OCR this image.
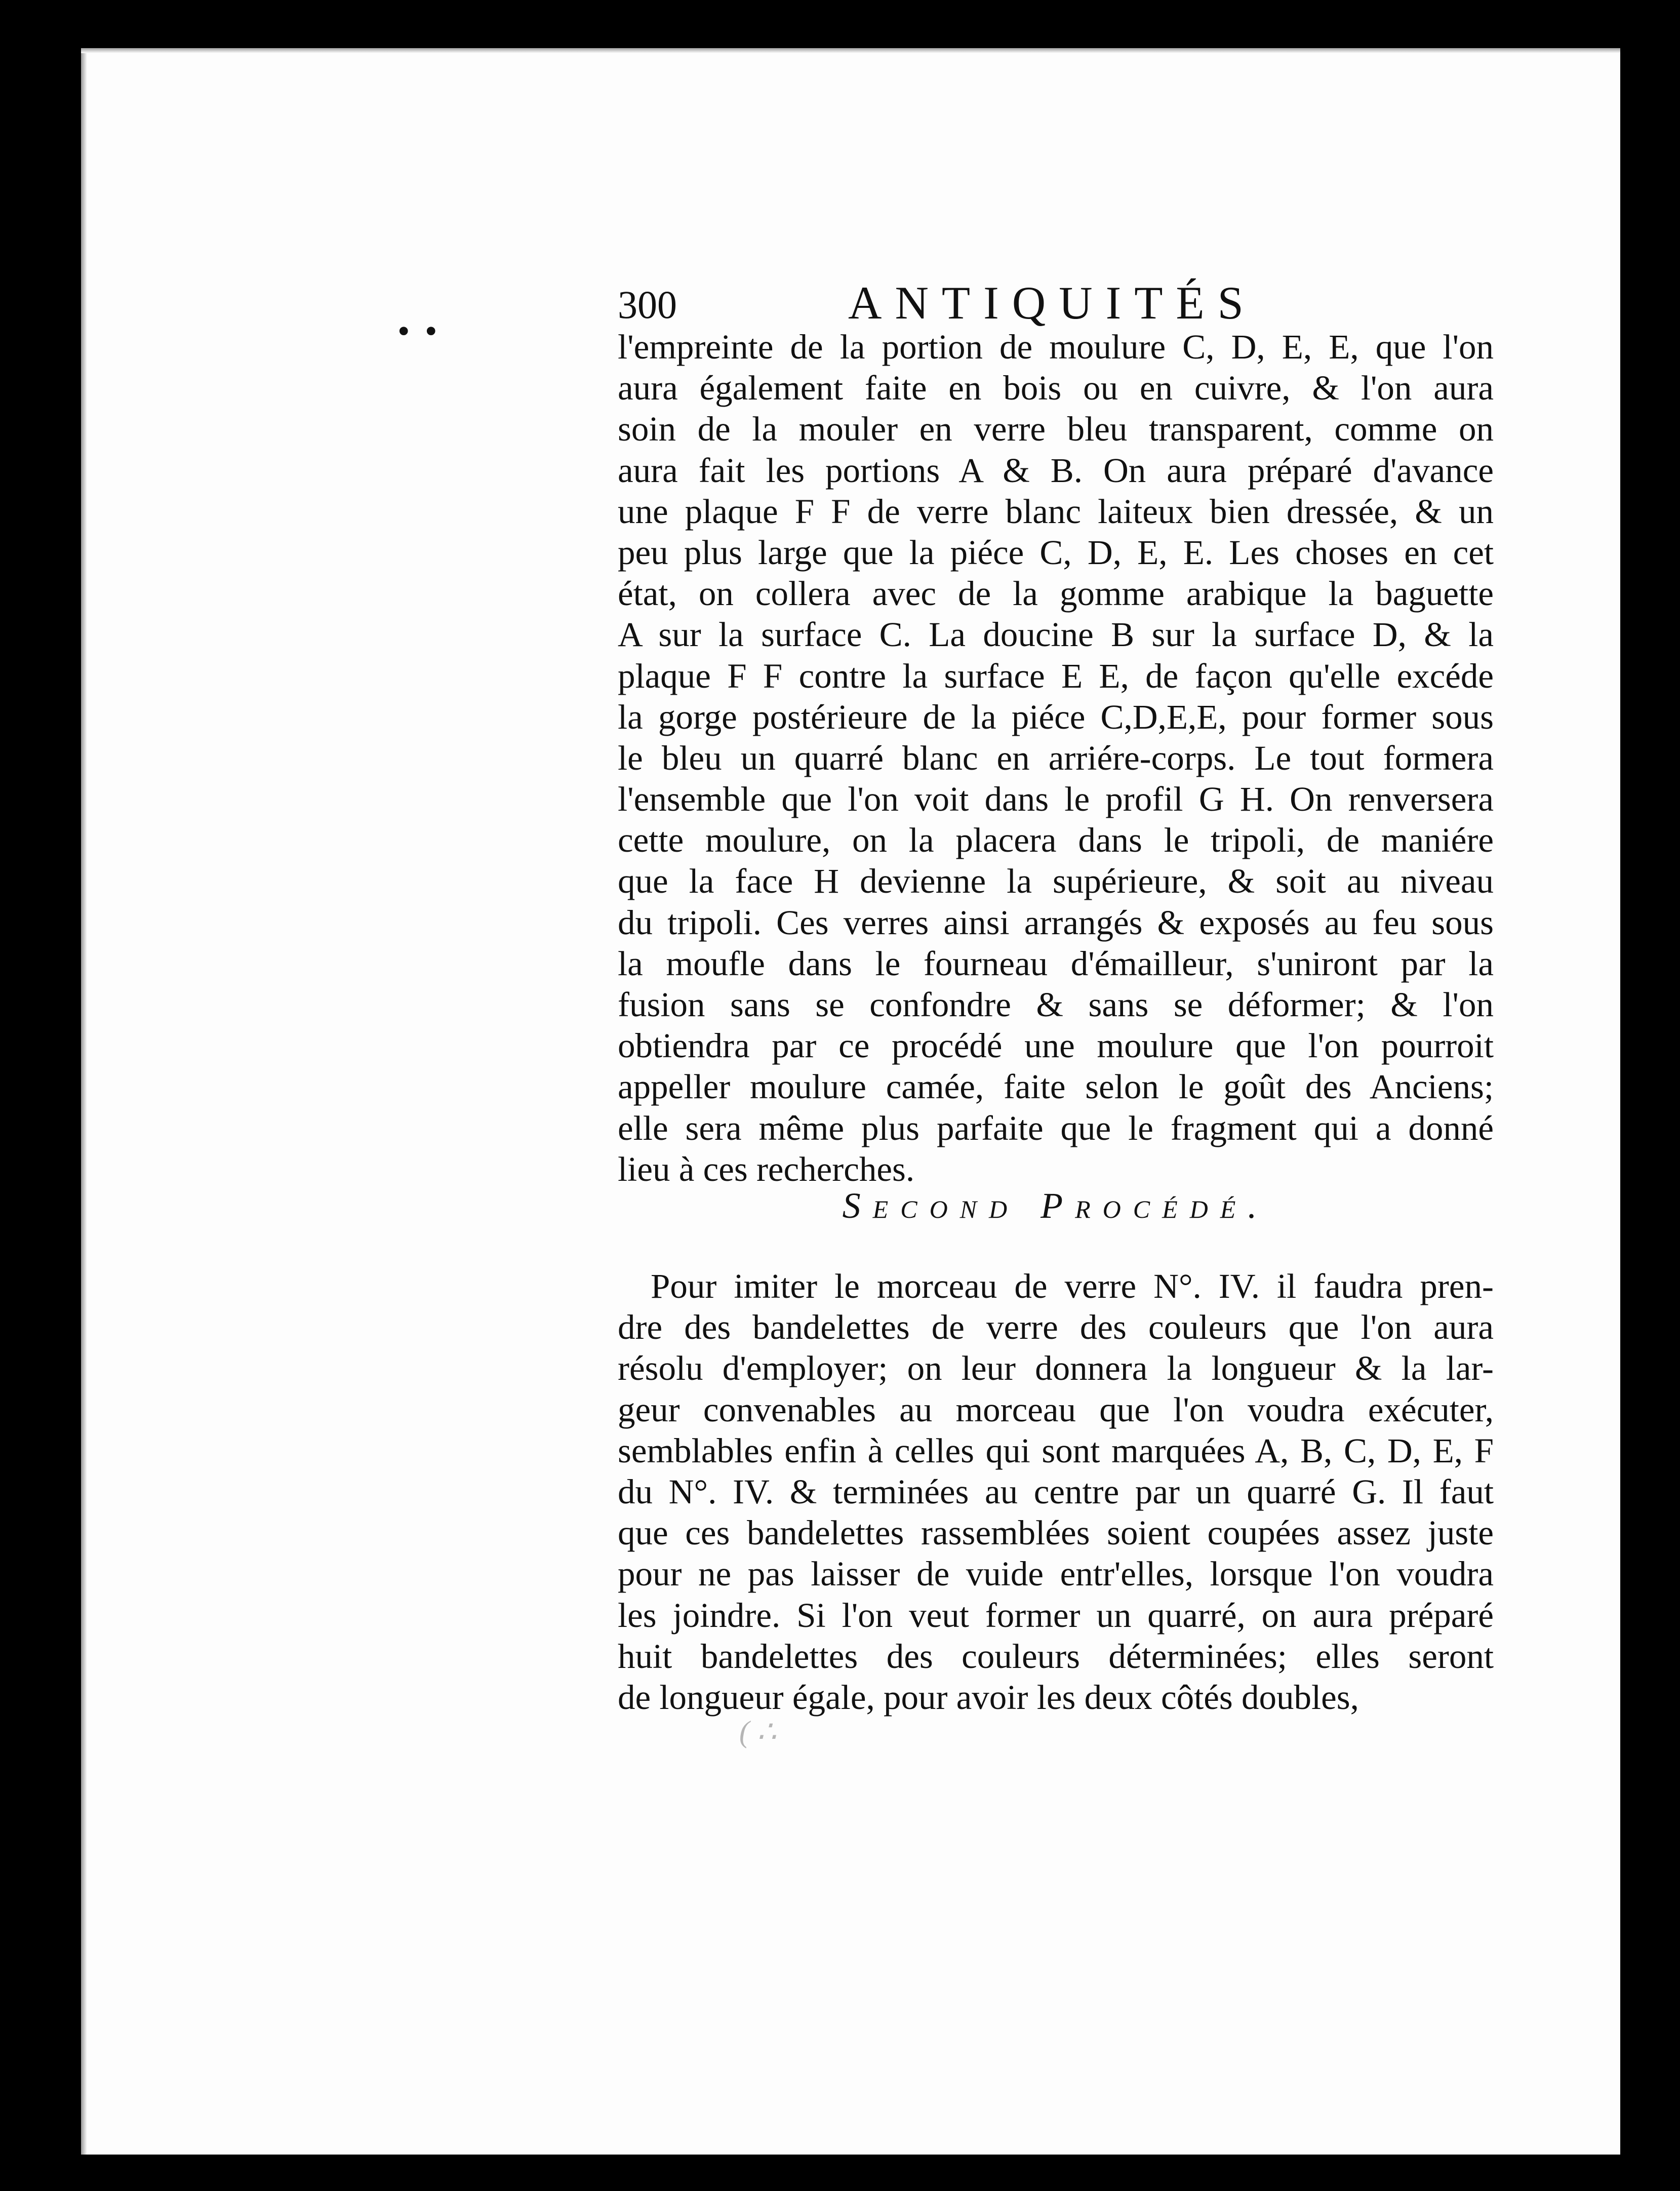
• •
300	ANTIQUITÉS
l'empreinte de la portion de moulure C, D, E, E, que l'on
aura également faite en bois ou en cuivre, & l'on aura
soin de la mouler en verre bleu transparent, comme on
aura fait les portions A & B. On aura préparé d'avance
une plaque F F de verre blanc laiteux bien dressée, & un
peu plus large que la piéce C, D, E, E. Les choses en cet
état, on collera avec de la gomme arabique la baguette
A sur la surface C. La doucine B sur la surface D, & la
plaque F F contre la surface E E, de façon qu'elle excéde
la gorge postérieure de la piéce C,D,E,E, pour former sous
le bleu un quarré blanc en arriére-corps. Le tout formera
l'ensemble que l'on voit dans le profil G H. On renversera
cette moulure, on la placera dans le tripoli, de maniére
que la face H devienne la supérieure, & soit au niveau
du tripoli. Ces verres ainsi arrangés & exposés au feu sous
la moufle dans le fourneau d'émailleur, s'uniront par la
fusion sans se confondre & sans se déformer; & l'on
obtiendra par ce procédé une moulure que l'on pourroit
appeller moulure camée, faite selon le goût des Anciens;
elle sera même plus parfaite que le fragment qui a donné
lieu à ces recherches.
Second Procédé.
Pour imiter le morceau de verre N°. IV. il faudra pren-
dre des bandelettes de verre des couleurs que l'on aura
résolu d'employer; on leur donnera la longueur & la lar-
geur convenables au morceau que l'on voudra exécuter,
semblables enfin à celles qui sont marquées A, B, C, D, E, F
du N°. IV. & terminées au centre par un quarré G. Il faut
que ces bandelettes rassemblées soient coupées assez juste
pour ne pas laisser de vuide entr'elles, lorsque l'on voudra
les joindre. Si l'on veut former un quarré, on aura préparé
huit bandelettes des couleurs déterminées; elles seront
de longueur égale, pour avoir les deux côtés doubles,
( ∴
